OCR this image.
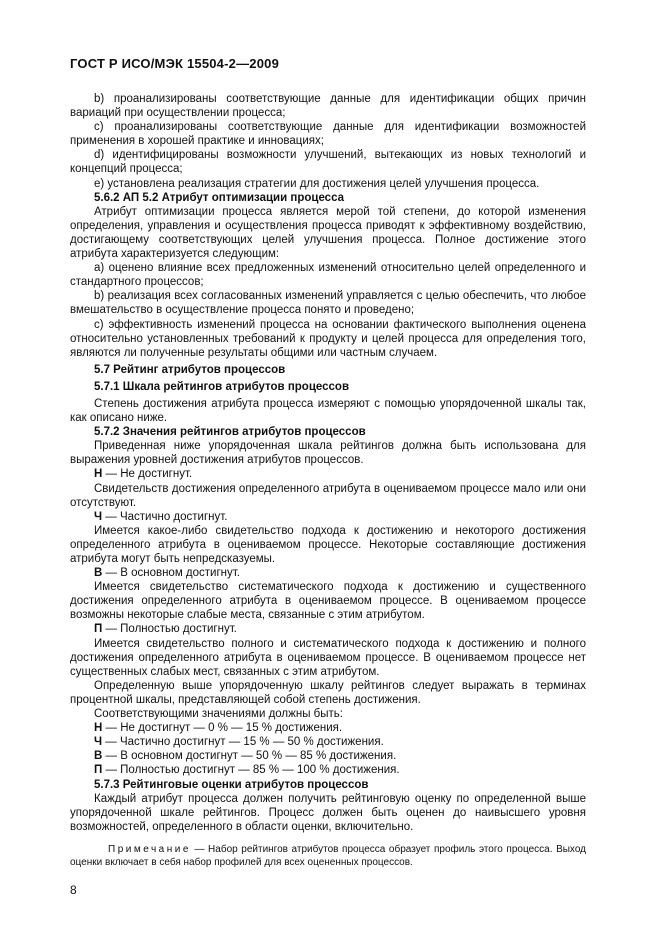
ГОСТ Р ИСО/МЭК 15504-2—2009

b) проанализированы соответствующие данные для идентификации общих причин вариаций при осуществлении процесса;

c) проанализированы соответствующие данные для идентификации возможностей применения в хорошей практике и инновациях;

d) идентифицированы возможности улучшений, вытекающих из новых технологий и концепций процесса;

e) установлена реализация стратегии для достижения целей улучшения процесса.

5.6.2 АП 5.2 Атрибут оптимизации процесса

Атрибут оптимизации процесса является мерой той степени, до которой изменения определения, управления и осуществления процесса приводят к эффективному воздействию, достигающему соответствующих целей улучшения процесса. Полное достижение этого атрибута характеризуется следующим:

a) оценено влияние всех предложенных изменений относительно целей определенного и стандартного процессов;

b) реализация всех согласованных изменений управляется с целью обеспечить, что любое вмешательство в осуществление процесса понято и проведено;

c) эффективность изменений процесса на основании фактического выполнения оценена относительно установленных требований к продукту и целей процесса для определения того, являются ли полученные результаты общими или частным случаем.

5.7 Рейтинг атрибутов процессов

5.7.1 Шкала рейтингов атрибутов процессов

Степень достижения атрибута процесса измеряют с помощью упорядоченной шкалы так, как описано ниже.

5.7.2 Значения рейтингов атрибутов процессов

Приведенная ниже упорядоченная шкала рейтингов должна быть использована для выражения уровней достижения атрибутов процессов.

Н — Не достигнут.

Свидетельств достижения определенного атрибута в оцениваемом процессе мало или они отсутствуют.

Ч — Частично достигнут.

Имеется какое-либо свидетельство подхода к достижению и некоторого достижения определенного атрибута в оцениваемом процессе. Некоторые составляющие достижения атрибута могут быть непредсказуемы.

В — В основном достигнут.

Имеется свидетельство систематического подхода к достижению и существенного достижения определенного атрибута в оцениваемом процессе. В оцениваемом процессе возможны некоторые слабые места, связанные с этим атрибутом.

П — Полностью достигнут.

Имеется свидетельство полного и систематического подхода к достижению и полного достижения определенного атрибута в оцениваемом процессе. В оцениваемом процессе нет существенных слабых мест, связанных с этим атрибутом.

Определенную выше упорядоченную шкалу рейтингов следует выражать в терминах процентной шкалы, представляющей собой степень достижения.

Соответствующими значениями должны быть:

Н — Не достигнут — 0 % — 15 % достижения.

Ч — Частично достигнут — 15 % — 50 % достижения.

В — В основном достигнут — 50 % — 85 % достижения.

П — Полностью достигнут — 85 % — 100 % достижения.

5.7.3 Рейтинговые оценки атрибутов процессов

Каждый атрибут процесса должен получить рейтинговую оценку по определенной выше упорядоченной шкале рейтингов. Процесс должен быть оценен до наивысшего уровня возможностей, определенного в области оценки, включительно.

Примечание — Набор рейтингов атрибутов процесса образует профиль этого процесса. Выход оценки включает в себя набор профилей для всех оцененных процессов.
8
